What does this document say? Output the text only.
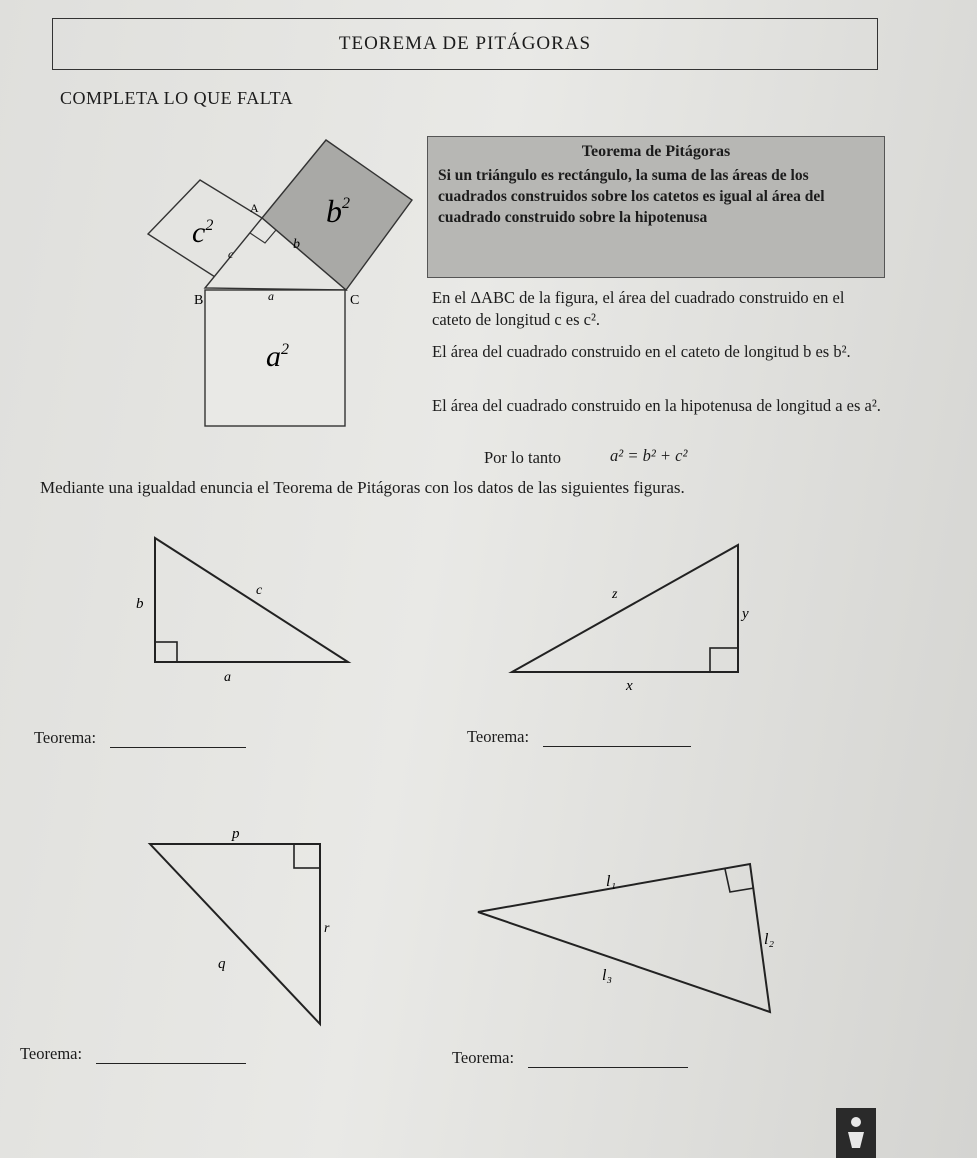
TEOREMA DE PITÁGORAS
COMPLETA LO QUE FALTA
$c^2$	$b^2$
$a^2$
A
B	C
c
b
a
Teorema de Pitágoras
Si un triángulo es rectángulo, la suma de las áreas de los cuadrados construidos sobre los catetos es igual al área del cuadrado construido sobre la hipotenusa
En el ΔABC de la figura, el área del cuadrado construido en el cateto de longitud c es c².
El área del cuadrado construido en el cateto de longitud b es b².
El área del cuadrado construido en la hipotenusa de longitud a es a².
Por lo tanto	a² = b² + c²
Mediante una igualdad enuncia el Teorema de Pitágoras con los datos de las siguientes figuras.
b
c
a
Teorema:
z
y
x
Teorema:
p
r
q
Teorema:
l₁
l₂
l₃
Teorema:
